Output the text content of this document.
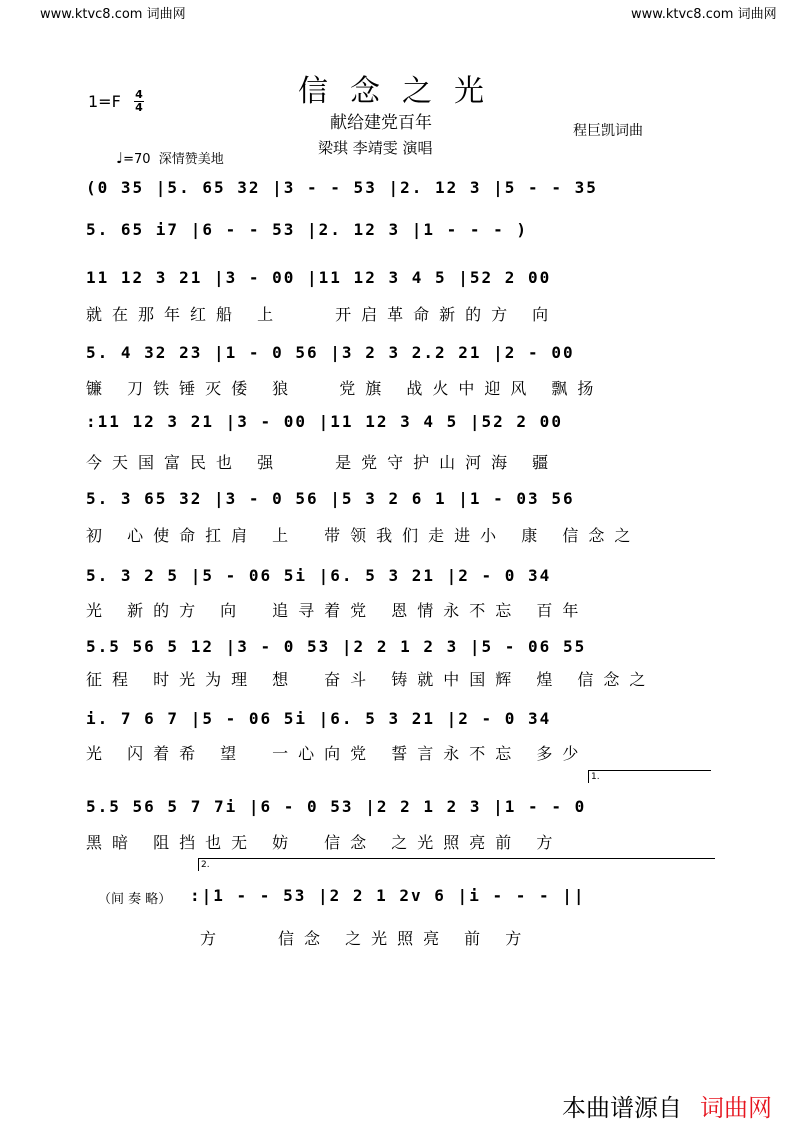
www.ktvc8.com 词曲网	www.ktvc8.com 词曲网
信念之光
献给建党百年
梁琪 李靖雯 演唱
程巨凯词曲
1=F 4
4
♩=70 深情赞美地
(0 35 |5. 65 32 |3 - - 53 |2. 12 3 |5 - - 35
5. 65 i7 |6 - - 53 |2. 12 3 |1 - - - )
11 12 3 21 |3 - 00 |11 12 3 4 5 |52 2 00
就在那年红船 上　　开启革命新的方 向
5. 4 32 23 |1 - 0 56 |3 2 3 2.2 21 |2 - 00
镰 刀铁锤灭倭 狼　 党旗 战火中迎风 飘扬
:11 12 3 21 |3 - 00 |11 12 3 4 5 |52 2 00
今天国富民也 强　　是党守护山河海 疆
5. 3 65 32 |3 - 0 56 |5 3 2 6 1 |1 - 03 56
初 心使命扛肩 上　带领我们走进小 康 信念之
5. 3 2 5 |5 - 06 5i |6. 5 3 21 |2 - 0 34
光 新的方 向　追寻着党 恩情永不忘 百年
5.5 56 5 12 |3 - 0 53 |2 2 1 2 3 |5 - 06 55
征程 时光为理 想　奋斗 铸就中国辉 煌 信念之
i. 7 6 7 |5 - 06 5i |6. 5 3 21 |2 - 0 34
光 闪着希 望　一心向党 誓言永不忘 多少
5.5 56 5 7 7i |6 - 0 53 |2 2 1 2 3 |1 - - 0
黑暗 阻挡也无 妨　信念 之光照亮前 方
1.
2.
（间 奏 略） :|1 - - 53 |2 2 1 2v 6 |i - - - ||
方　　信念 之光照亮 前 方
本曲谱源自 词曲网
